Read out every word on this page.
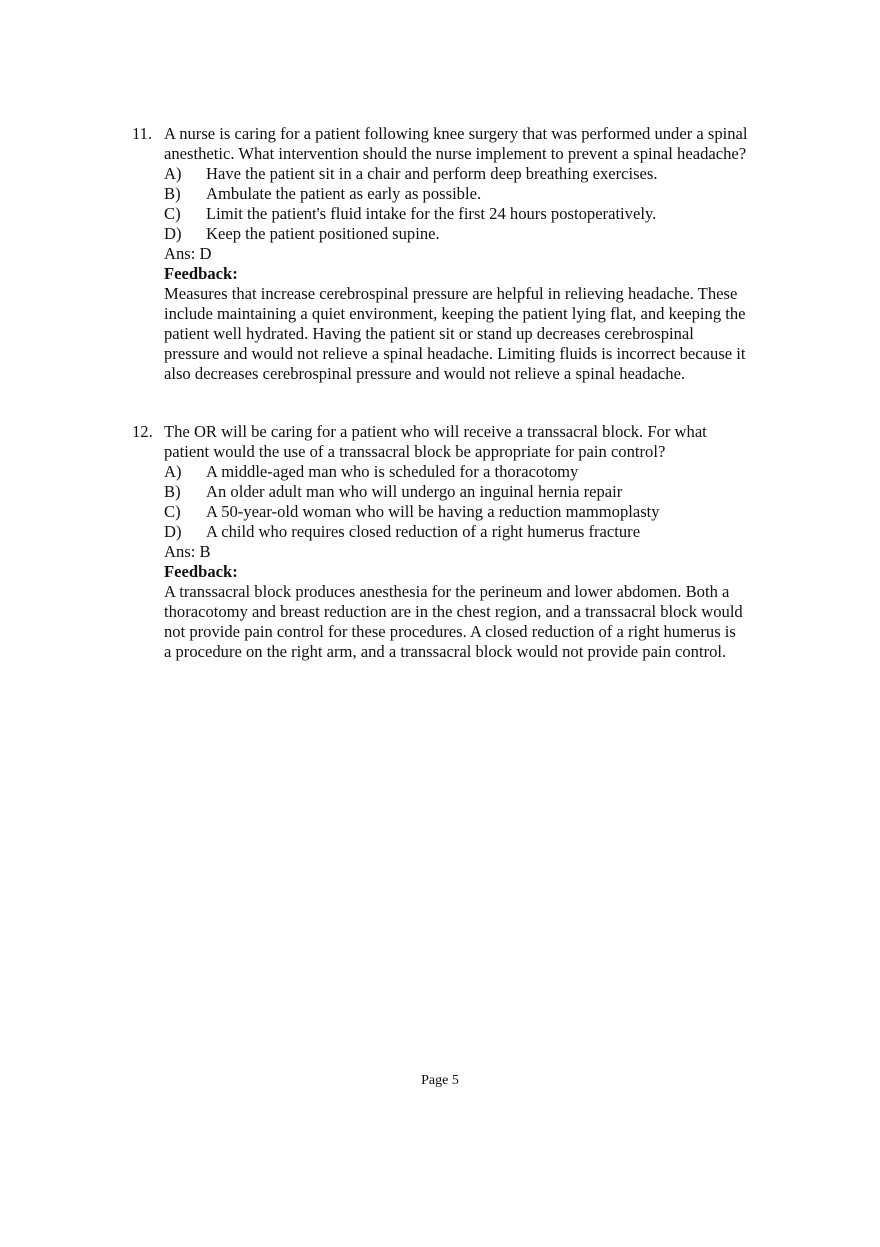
11. A nurse is caring for a patient following knee surgery that was performed under a spinal
anesthetic. What intervention should the nurse implement to prevent a spinal headache?
A)	Have the patient sit in a chair and perform deep breathing exercises.
B)	Ambulate the patient as early as possible.
C)	Limit the patient's fluid intake for the first 24 hours postoperatively.
D)	Keep the patient positioned supine.
Ans: D
Feedback:
Measures that increase cerebrospinal pressure are helpful in relieving headache. These
include maintaining a quiet environment, keeping the patient lying flat, and keeping the
patient well hydrated. Having the patient sit or stand up decreases cerebrospinal
pressure and would not relieve a spinal headache. Limiting fluids is incorrect because it
also decreases cerebrospinal pressure and would not relieve a spinal headache.
12. The OR will be caring for a patient who will receive a transsacral block. For what
patient would the use of a transsacral block be appropriate for pain control?
A)	A middle-aged man who is scheduled for a thoracotomy
B)	An older adult man who will undergo an inguinal hernia repair
C)	A 50-year-old woman who will be having a reduction mammoplasty
D)	A child who requires closed reduction of a right humerus fracture
Ans: B
Feedback:
A transsacral block produces anesthesia for the perineum and lower abdomen. Both a
thoracotomy and breast reduction are in the chest region, and a transsacral block would
not provide pain control for these procedures. A closed reduction of a right humerus is
a procedure on the right arm, and a transsacral block would not provide pain control.
Page 5
